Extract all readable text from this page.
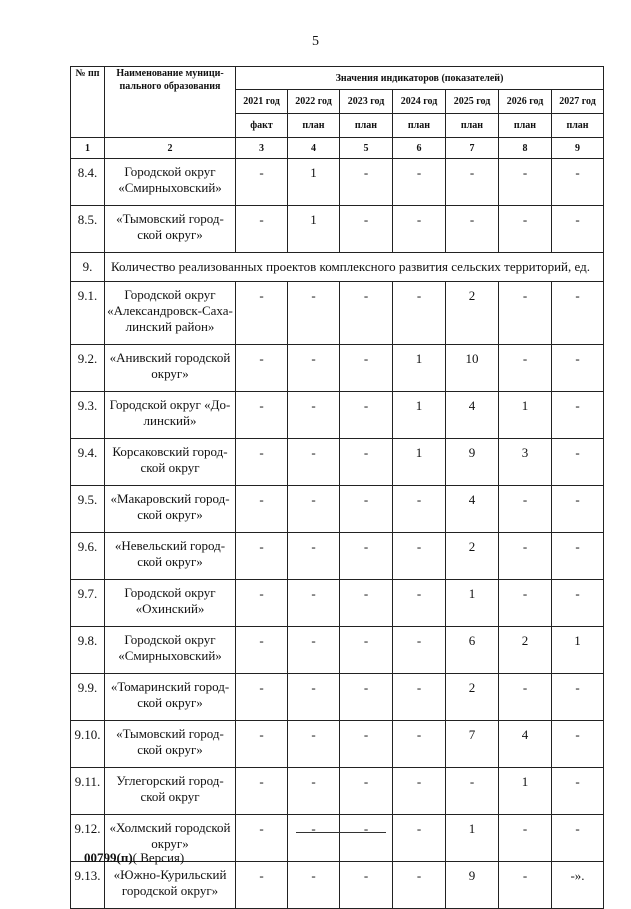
5
№ пп	Наименование муници-пального образования	Значения индикаторов (показателей)						
		2021 год	2022 год	2023 год	2024 год	2025 год	2026 год	2027 год
		факт	план	план	план	план	план	план
1	2	3	4	5	6	7	8	9
8.4.	Городской округ «Смирныховский»	-	1	-	-	-	-	-
8.5.	«Тымовский город-ской округ»	-	1	-	-	-	-	-
9.	Количество реализованных проектов комплексного развития сельских территорий, ед.							
9.1.	Городской округ «Александровск-Саха-линский район»	-	-	-	-	2	-	-
9.2.	«Анивский городской округ»	-	-	-	1	10	-	-
9.3.	Городской округ «До-линский»	-	-	-	1	4	1	-
9.4.	Корсаковский город-ской округ	-	-	-	1	9	3	-
9.5.	«Макаровский город-ской округ»	-	-	-	-	4	-	-
9.6.	«Невельский город-ской округ»	-	-	-	-	2	-	-
9.7.	Городской округ «Охинский»	-	-	-	-	1	-	-
9.8.	Городской округ «Смирныховский»	-	-	-	-	6	2	1
9.9.	«Томаринский город-ской округ»	-	-	-	-	2	-	-
9.10.	«Тымовский город-ской округ»	-	-	-	-	7	4	-
9.11.	Углегорский город-ской округ	-	-	-	-	-	1	-
9.12.	«Холмский городской округ»	-	-	-	-	1	-	-
9.13.	«Южно-Курильский городской округ»	-	-	-	-	9	-	-».
00799(п)( Версия)
